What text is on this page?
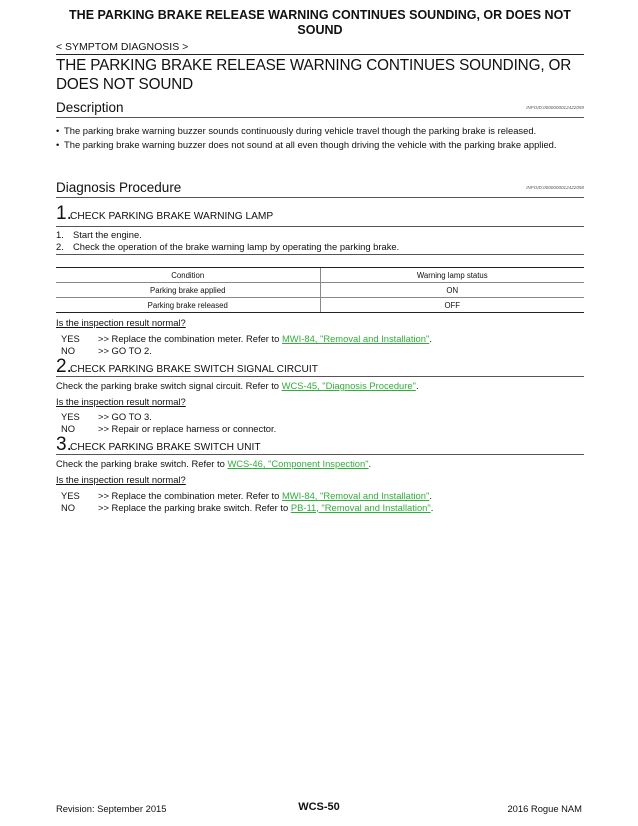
THE PARKING BRAKE RELEASE WARNING CONTINUES SOUNDING, OR DOES NOT SOUND
< SYMPTOM DIAGNOSIS >
THE PARKING BRAKE RELEASE WARNING CONTINUES SOUNDING, OR DOES NOT SOUND
Description	INFOID:0000000012422059
• The parking brake warning buzzer sounds continuously during vehicle travel though the parking brake is released.
• The parking brake warning buzzer does not sound at all even though driving the vehicle with the parking brake applied.
Diagnosis Procedure	INFOID:0000000012422058
1.
CHECK PARKING BRAKE WARNING LAMP
1. Start the engine.
2. Check the operation of the brake warning lamp by operating the parking brake.
Condition	Warning lamp status
Parking brake applied	ON
Parking brake released	OFF
Is the inspection result normal?
YES >> Replace the combination meter. Refer to MWI-84, "Removal and Installation".
NO >> GO TO 2.
2.
CHECK PARKING BRAKE SWITCH SIGNAL CIRCUIT
Check the parking brake switch signal circuit. Refer to WCS-45, "Diagnosis Procedure".
Is the inspection result normal?
YES >> GO TO 3.
NO >> Repair or replace harness or connector.
3.
CHECK PARKING BRAKE SWITCH UNIT
Check the parking brake switch. Refer to WCS-46, "Component Inspection".
Is the inspection result normal?
YES >> Replace the combination meter. Refer to MWI-84, "Removal and Installation".
NO >> Replace the parking brake switch. Refer to PB-11, "Removal and Installation".
Revision: September 2015	WCS-50	2016 Rogue NAM
